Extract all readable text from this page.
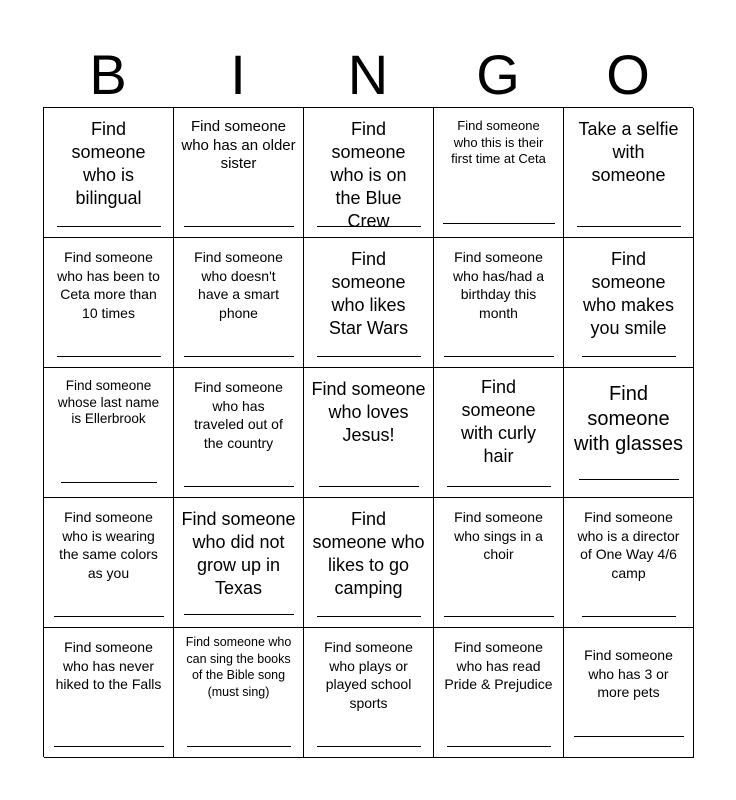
B	I	N	G	O
Find someone who is bilingual
Find someone who has an older sister
Find someone who is on the Blue Crew
Find someone who this is their first time at Ceta
Take a selfie with someone
Find someone who has been to Ceta more than 10 times
Find someone who doesn't have a smart phone
Find someone who likes Star Wars
Find someone who has/had a birthday this month
Find someone who makes you smile
Find someone whose last name is Ellerbrook
Find someone who has traveled out of the country
Find someone who loves Jesus!
Find someone with curly hair
Find someone with glasses
Find someone who is wearing the same colors as you
Find someone who did not grow up in Texas
Find someone who likes to go camping
Find someone who sings in a choir
Find someone who is a director of One Way 4/6 camp
Find someone who has never hiked to the Falls
Find someone who can sing the books of the Bible song (must sing)
Find someone who plays or played school sports
Find someone who has read Pride & Prejudice
Find someone who has 3 or more pets
